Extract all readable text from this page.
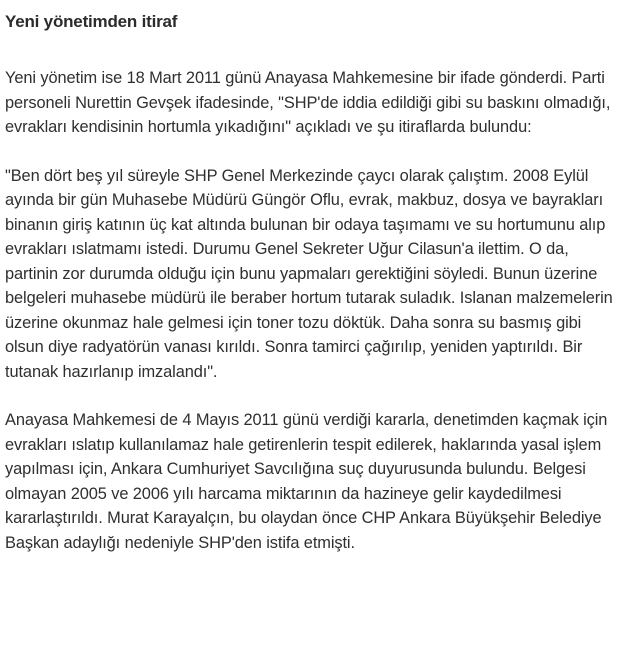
Yeni yönetimden itiraf

Yeni yönetim ise 18 Mart 2011 günü Anayasa Mahkemesine bir ifade gönderdi. Parti personeli Nurettin Gevşek ifadesinde, "SHP'de iddia edildiği gibi su baskını olmadığı, evrakları kendisinin hortumla yıkadığını" açıkladı ve şu itiraflarda bulundu:

"Ben dört beş yıl süreyle SHP Genel Merkezinde çaycı olarak çalıştım. 2008 Eylül ayında bir gün Muhasebe Müdürü Güngör Oflu, evrak, makbuz, dosya ve bayrakları binanın giriş katının üç kat altında bulunan bir odaya taşımamı ve su hortumunu alıp evrakları ıslatmamı istedi. Durumu Genel Sekreter Uğur Cilasun'a ilettim. O da, partinin zor durumda olduğu için bunu yapmaları gerektiğini söyledi. Bunun üzerine belgeleri muhasebe müdürü ile beraber hortum tutarak suladık. Islanan malzemelerin üzerine okunmaz hale gelmesi için toner tozu döktük. Daha sonra su basmış gibi olsun diye radyatörün vanası kırıldı. Sonra tamirci çağırılıp, yeniden yaptırıldı. Bir tutanak hazırlanıp imzalandı".

Anayasa Mahkemesi de 4 Mayıs 2011 günü verdiği kararla, denetimden kaçmak için evrakları ıslatıp kullanılamaz hale getirenlerin tespit edilerek, haklarında yasal işlem yapılması için, Ankara Cumhuriyet Savcılığına suç duyurusunda bulundu. Belgesi olmayan 2005 ve 2006 yılı harcama miktarının da hazineye gelir kaydedilmesi kararlaştırıldı. Murat Karayalçın, bu olaydan önce CHP Ankara Büyükşehir Belediye Başkan adaylığı nedeniyle SHP'den istifa etmişti.
